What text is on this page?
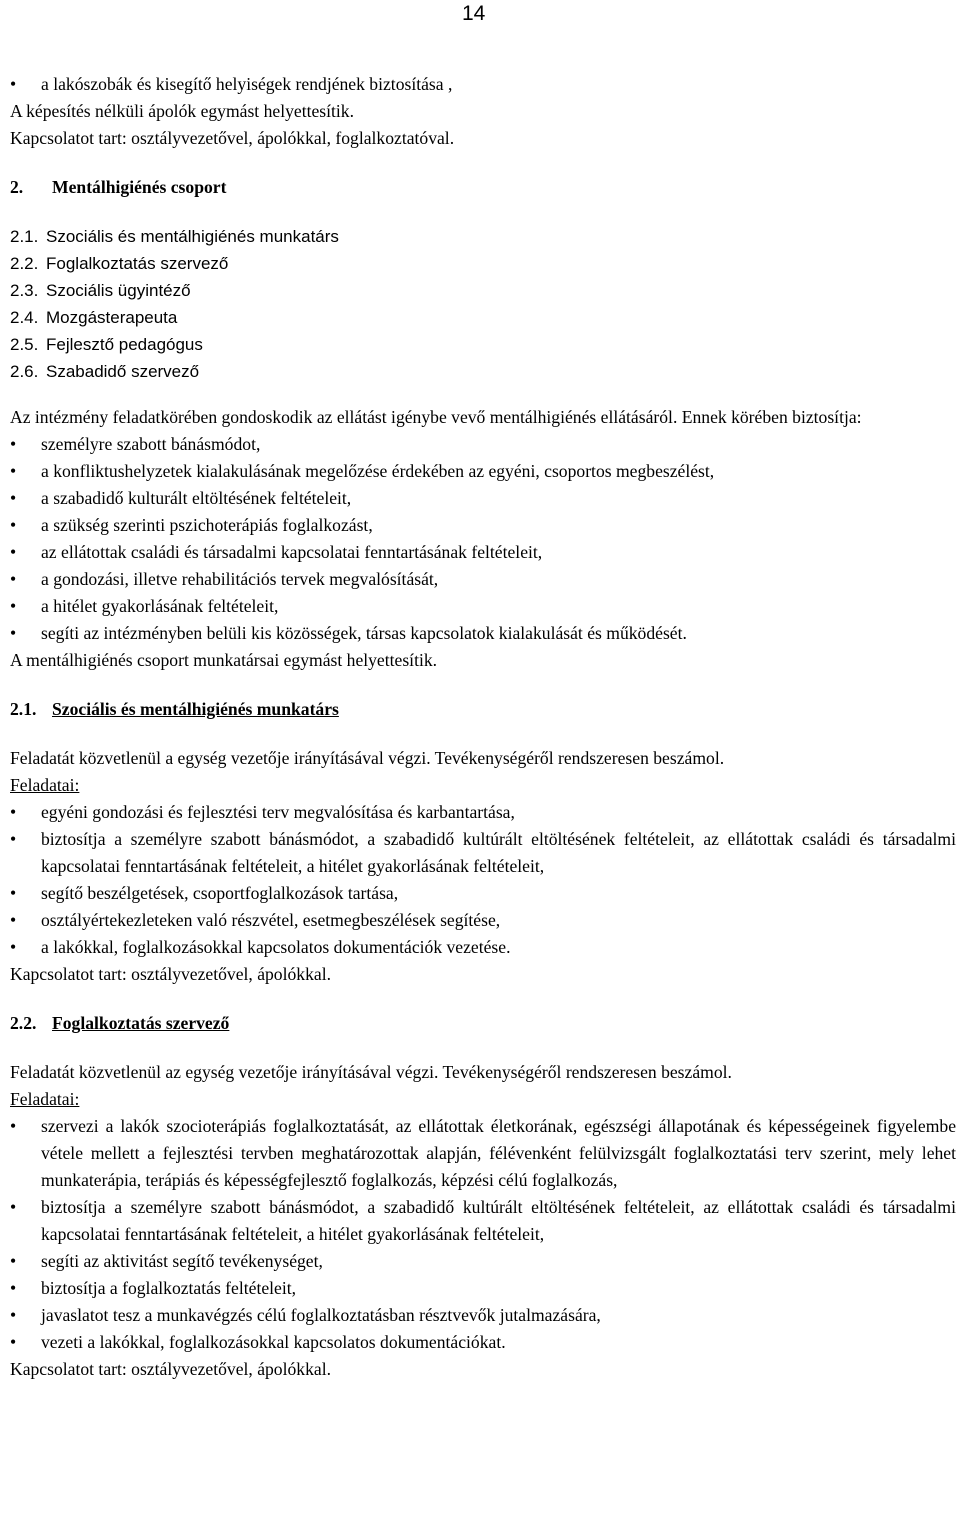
14
• a lakószobák és kisegítő helyiségek rendjének biztosítása ,

A képesítés nélküli ápolók egymást helyettesítik.

Kapcsolatot tart: osztályvezetővel, ápolókkal, foglalkoztatóval.

2. Mentálhigiénés csoport

2.1. Szociális és mentálhigiénés munkatárs

2.2. Foglalkoztatás szervező

2.3. Szociális ügyintéző

2.4. Mozgásterapeuta

2.5. Fejlesztő pedagógus

2.6. Szabadidő szervező

Az intézmény feladatkörében gondoskodik az ellátást igénybe vevő mentálhigiénés ellátásáról. Ennek körében biztosítja:

• személyre szabott bánásmódot,
• a konfliktushelyzetek kialakulásának megelőzése érdekében az egyéni, csoportos megbeszélést,
• a szabadidő kulturált eltöltésének feltételeit,
• a szükség szerinti pszichoterápiás foglalkozást,
• az ellátottak családi és társadalmi kapcsolatai fenntartásának feltételeit,
• a gondozási, illetve rehabilitációs tervek megvalósítását,
• a hitélet gyakorlásának feltételeit,
• segíti az intézményben belüli kis közösségek, társas kapcsolatok kialakulását és működését.

A mentálhigiénés csoport munkatársai egymást helyettesítik.

2.1. Szociális és mentálhigiénés munkatárs

Feladatát közvetlenül a egység vezetője irányításával végzi. Tevékenységéről rendszeresen beszámol.

Feladatai:

• egyéni gondozási és fejlesztési terv megvalósítása és karbantartása,
• biztosítja a személyre szabott bánásmódot, a szabadidő kultúrált eltöltésének feltételeit, az ellátottak családi és társadalmi kapcsolatai fenntartásának feltételeit, a hitélet gyakorlásának feltételeit,
• segítő beszélgetések, csoportfoglalkozások tartása,
• osztályértekezleteken való részvétel, esetmegbeszélések segítése,
• a lakókkal, foglalkozásokkal kapcsolatos dokumentációk vezetése.

Kapcsolatot tart: osztályvezetővel, ápolókkal.

2.2. Foglalkoztatás szervező

Feladatát közvetlenül az egység vezetője irányításával végzi. Tevékenységéről rendszeresen beszámol.

Feladatai:

• szervezi a lakók szocioterápiás foglalkoztatását, az ellátottak életkorának, egészségi állapotának és képességeinek figyelembe vétele mellett a fejlesztési tervben meghatározottak alapján, félévenként felülvizsgált foglalkoztatási terv szerint, mely lehet munkaterápia, terápiás és képességfejlesztő foglalkozás, képzési célú foglalkozás,
• biztosítja a személyre szabott bánásmódot, a szabadidő kultúrált eltöltésének feltételeit, az ellátottak családi és társadalmi kapcsolatai fenntartásának feltételeit, a hitélet gyakorlásának feltételeit,
• segíti az aktivitást segítő tevékenységet,
• biztosítja a foglalkoztatás feltételeit,
• javaslatot tesz a munkavégzés célú foglalkoztatásban résztvevők jutalmazására,
• vezeti a lakókkal, foglalkozásokkal kapcsolatos dokumentációkat.

Kapcsolatot tart: osztályvezetővel, ápolókkal.
